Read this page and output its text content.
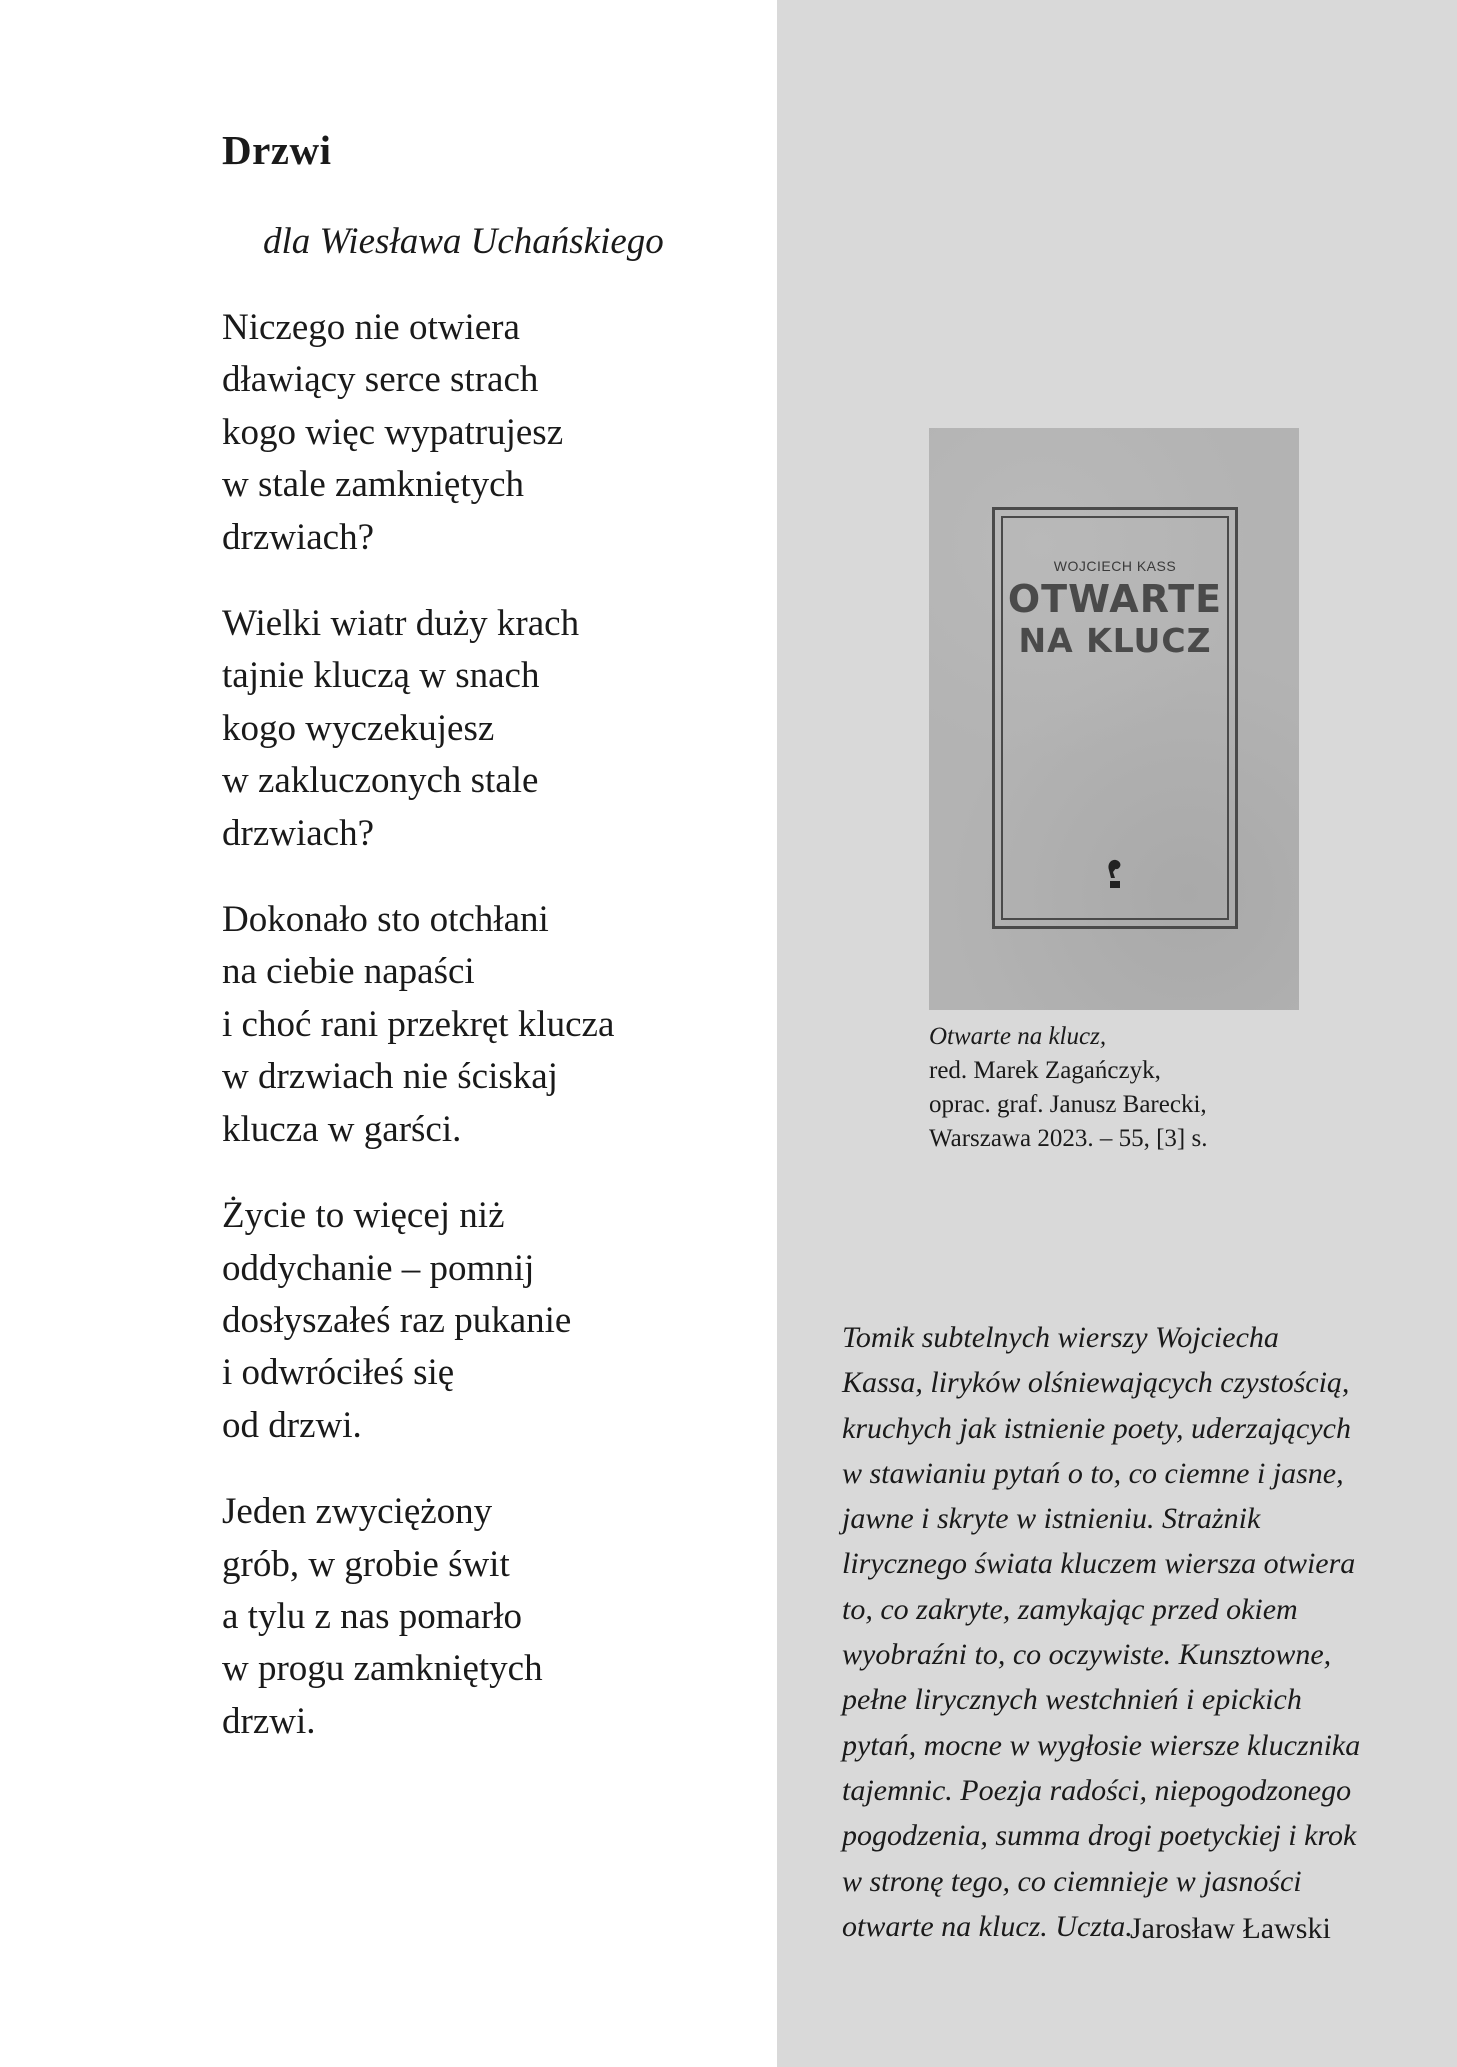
Drzwi
dla Wiesława Uchańskiego
Niczego nie otwiera
dławiący serce strach
kogo więc wypatrujesz
w stale zamkniętych
drzwiach?
Wielki wiatr duży krach
tajnie kluczą w snach
kogo wyczekujesz
w zakluczonych stale
drzwiach?
Dokonało sto otchłani
na ciebie napaści
i choć rani przekręt klucza
w drzwiach nie ściskaj
klucza w garści.
Życie to więcej niż
oddychanie – pomnij
dosłyszałeś raz pukanie
i odwróciłeś się
od drzwi.
Jeden zwyciężony
grób, w grobie świt
a tylu z nas pomarło
w progu zamkniętych
drzwi.
WOJCIECH KASS
OTWARTE
NA KLUCZ
Otwarte na klucz,
red. Marek Zagańczyk,
oprac. graf. Janusz Barecki,
Warszawa 2023. – 55, [3] s.
Tomik subtelnych wierszy Wojciecha
Kassa, liryków olśniewających czystością,
kruchych jak istnienie poety, uderzających
w stawianiu pytań o to, co ciemne i jasne,
jawne i skryte w istnieniu. Strażnik
lirycznego świata kluczem wiersza otwiera
to, co zakryte, zamykając przed okiem
wyobraźni to, co oczywiste. Kunsztowne,
pełne lirycznych westchnień i epickich
pytań, mocne w wygłosie wiersze klucznika
tajemnic. Poezja radości, niepogodzonego
pogodzenia, summa drogi poetyckiej i krok
w stronę tego, co ciemnieje w jasności
otwarte na klucz. Uczta.
Jarosław Ławski
